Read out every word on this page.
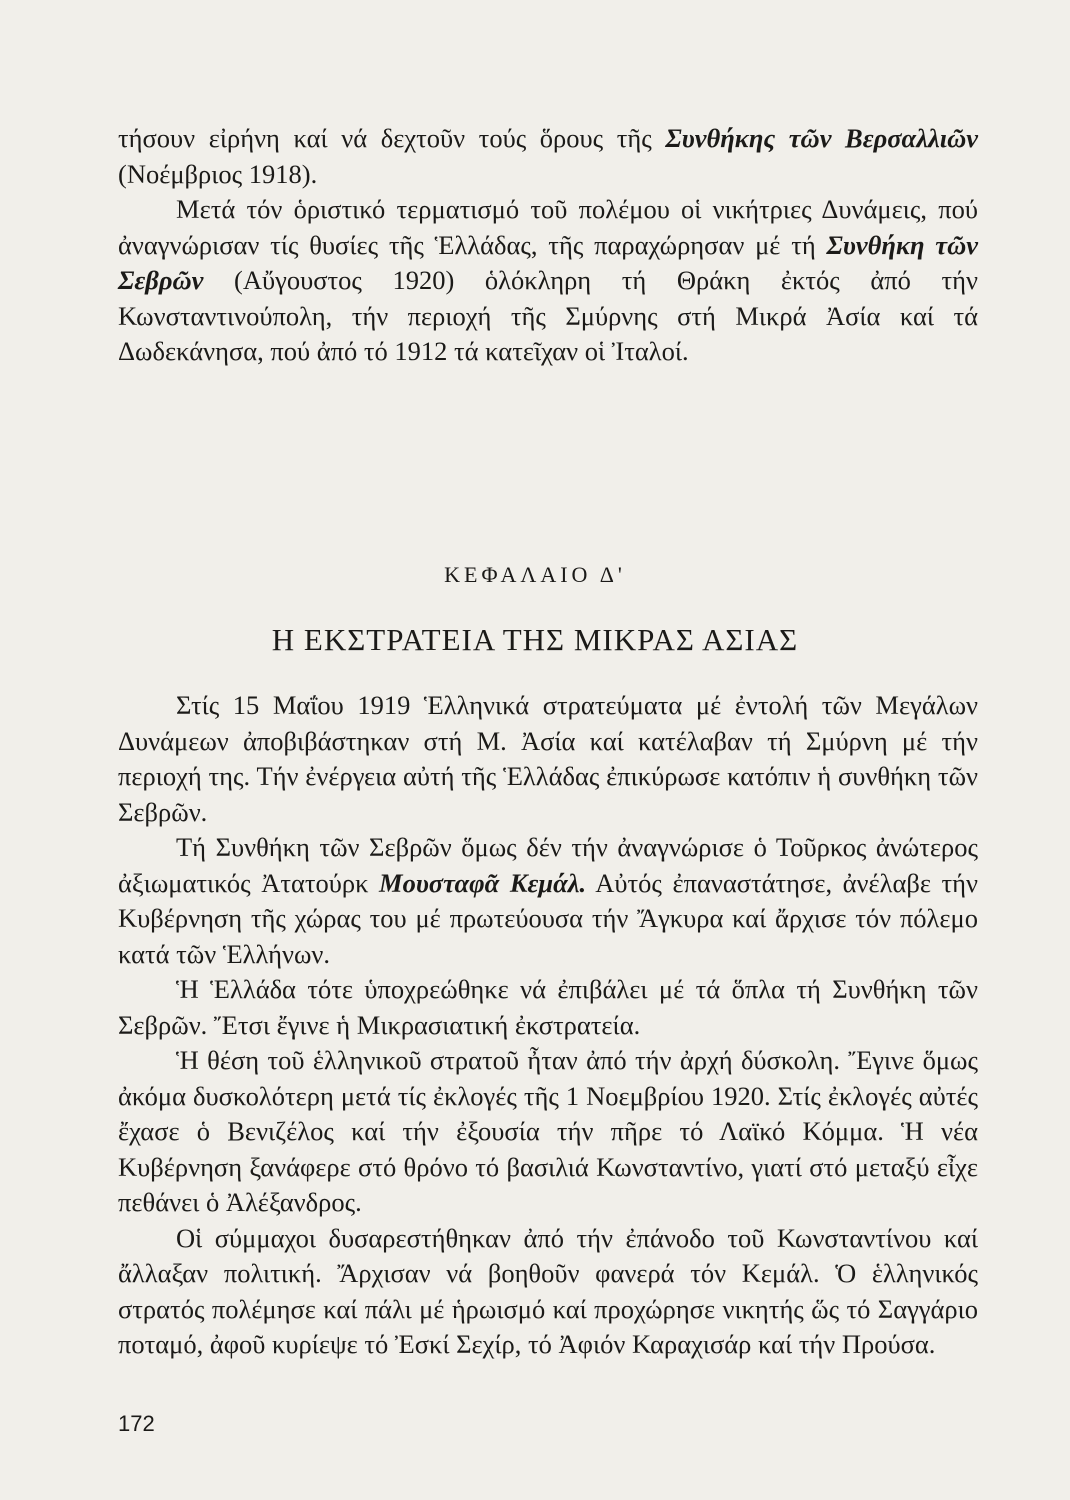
τήσουν εἰρήνη καί νά δεχτοῦν τούς ὅρους τῆς Συνθήκης τῶν Βερσαλλιῶν (Νοέμβριος 1918).

Μετά τόν ὁριστικό τερματισμό τοῦ πολέμου οἱ νικήτριες Δυνάμεις, πού ἀναγνώρισαν τίς θυσίες τῆς Ἑλλάδας, τῆς παραχώρησαν μέ τή Συνθήκη τῶν Σεβρῶν (Αὔγουστος 1920) ὁλόκληρη τή Θράκη ἐκτός ἀπό τήν Κωνσταντινούπολη, τήν περιοχή τῆς Σμύρνης στή Μικρά Ἀσία καί τά Δωδεκάνησα, πού ἀπό τό 1912 τά κατεῖχαν οἱ Ἰταλοί.

ΚΕΦΑΛΑΙΟ Δ'

Η ΕΚΣΤΡΑΤΕΙΑ ΤΗΣ ΜΙΚΡΑΣ ΑΣΙΑΣ

Στίς 15 Μαΐου 1919 Ἑλληνικά στρατεύματα μέ ἐντολή τῶν Μεγάλων Δυνάμεων ἀποβιβάστηκαν στή Μ. Ἀσία καί κατέλαβαν τή Σμύρνη μέ τήν περιοχή της. Τήν ἐνέργεια αὐτή τῆς Ἑλλάδας ἐπικύρωσε κατόπιν ἡ συνθήκη τῶν Σεβρῶν.

Τή Συνθήκη τῶν Σεβρῶν ὅμως δέν τήν ἀναγνώρισε ὁ Τοῦρκος ἀνώτερος ἀξιωματικός Ἀτατούρκ Μουσταφᾶ Κεμάλ. Αὐτός ἐπαναστάτησε, ἀνέλαβε τήν Κυβέρνηση τῆς χώρας του μέ πρωτεύουσα τήν Ἄγκυρα καί ἄρχισε τόν πόλεμο κατά τῶν Ἑλλήνων.

Ἡ Ἑλλάδα τότε ὑποχρεώθηκε νά ἐπιβάλει μέ τά ὅπλα τή Συνθήκη τῶν Σεβρῶν. Ἔτσι ἔγινε ἡ Μικρασιατική ἐκστρατεία.

Ἡ θέση τοῦ ἑλληνικοῦ στρατοῦ ἦταν ἀπό τήν ἀρχή δύσκολη. Ἔγινε ὅμως ἀκόμα δυσκολότερη μετά τίς ἐκλογές τῆς 1 Νοεμβρίου 1920. Στίς ἐκλογές αὐτές ἔχασε ὁ Βενιζέλος καί τήν ἐξουσία τήν πῆρε τό Λαϊκό Κόμμα. Ἡ νέα Κυβέρνηση ξανάφερε στό θρόνο τό βασιλιά Κωνσταντίνο, γιατί στό μεταξύ εἶχε πεθάνει ὁ Ἀλέξανδρος.

Οἱ σύμμαχοι δυσαρεστήθηκαν ἀπό τήν ἐπάνοδο τοῦ Κωνσταντίνου καί ἄλλαξαν πολιτική. Ἄρχισαν νά βοηθοῦν φανερά τόν Κεμάλ. Ὁ ἑλληνικός στρατός πολέμησε καί πάλι μέ ἡρωισμό καί προχώρησε νικητής ὥς τό Σαγγάριο ποταμό, ἀφοῦ κυρίεψε τό Ἐσκί Σεχίρ, τό Ἀφιόν Καραχισάρ καί τήν Προύσα.

172
